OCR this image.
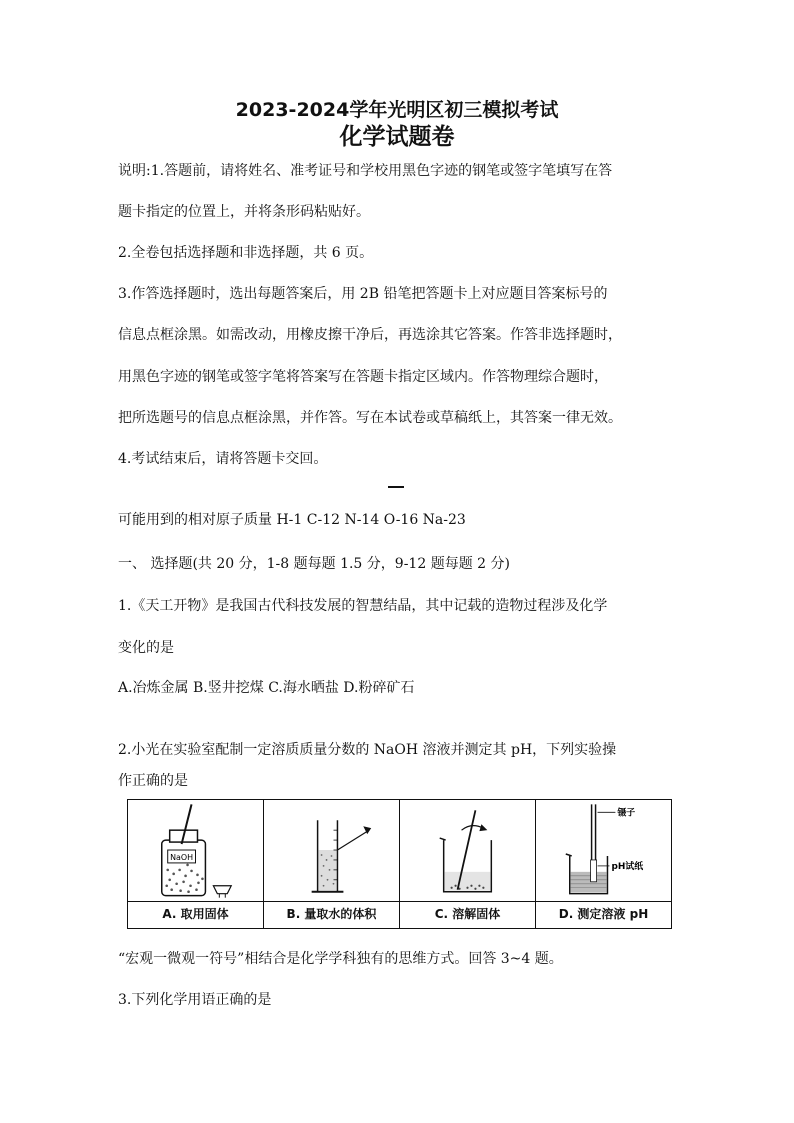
2023-2024学年光明区初三模拟考试
化学试题卷
说明:1.答题前，请将姓名、准考证号和学校用黑色字迹的钢笔或签字笔填写在答
题卡指定的位置上，并将条形码粘贴好。
2.全卷包括选择题和非选择题，共 6 页。
3.作答选择题时，选出每题答案后，用 2B 铅笔把答题卡上对应题目答案标号的
信息点框涂黑。如需改动，用橡皮擦干净后，再选涂其它答案。作答非选择题时，
用黑色字迹的钢笔或签字笔将答案写在答题卡指定区域内。作答物理综合题时，
把所选题号的信息点框涂黑，并作答。写在本试卷或草稿纸上，其答案一律无效。
4.考试结束后，请将答题卡交回。
可能用到的相对原子质量 H-1 C-12 N-14 O-16 Na-23
一、 选择题(共 20 分，1-8 题每题 1.5 分，9-12 题每题 2 分)
1.《天工开物》是我国古代科技发展的智慧结晶，其中记载的造物过程涉及化学
变化的是
A.冶炼金属 B.竖井挖煤 C.海水晒盐 D.粉碎矿石
2.小光在实验室配制一定溶质质量分数的 NaOH 溶液并测定其 pH，下列实验操
作正确的是
NaOH
A. 取用固体	B. 量取水的体积	C. 溶解固体
镊子
pH试纸
D. 测定溶液 pH
“宏观一微观一符号”相结合是化学学科独有的思维方式。回答 3~4 题。
3.下列化学用语正确的是
